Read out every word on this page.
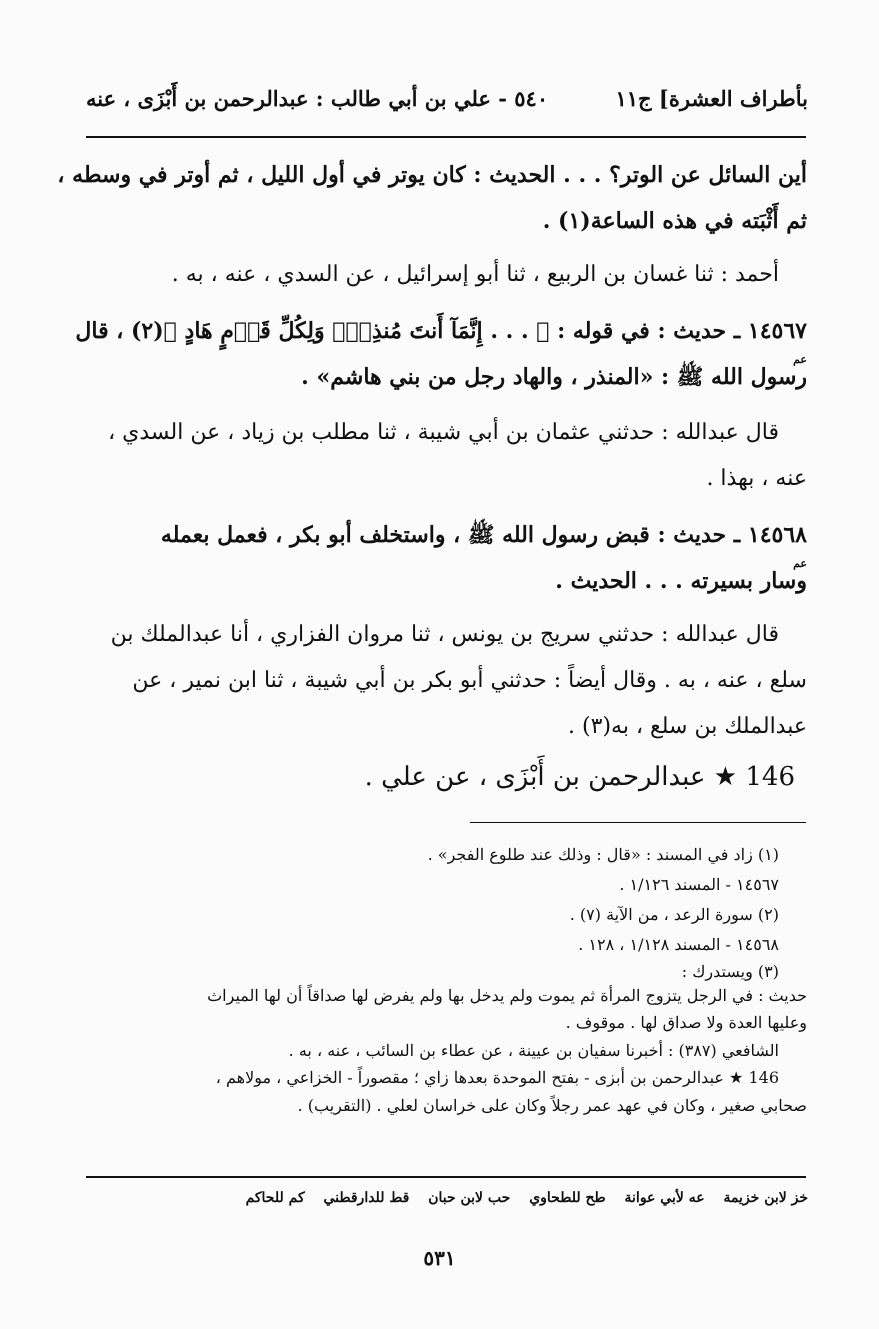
بأطراف العشرة] ج١١
٥٤٠ - علي بن أبي طالب : عبدالرحمن بن أَبْزَى ، عنه
أين السائل عن الوتر؟ . . . الحديث : كان يوتر في أول الليل ، ثم أوتر في وسطه ،
ثم أَثْبَته في هذه الساعة(١) .
أحمد : ثنا غسان بن الربيع ، ثنا أبو إسرائيل ، عن السدي ، عنه ، به .
١٤٥٦٧ ـ حديث : في قوله : ﴿ . . . إِنَّمَآ أَنتَ مُنذِرٌۖ وَلِكُلِّ قَوۡمٍ هَادٍ ﴾(٢) ، قال
عم
رسول الله ﷺ : «المنذر ، والهاد رجل من بني هاشم» .
قال عبدالله : حدثني عثمان بن أبي شيبة ، ثنا مطلب بن زياد ، عن السدي ،
عنه ، بهذا .
١٤٥٦٨ ـ حديث : قبض رسول الله ﷺ ، واستخلف أبو بكر ، فعمل بعمله
عم
وسار بسيرته . . . الحديث .
قال عبدالله : حدثني سريج بن يونس ، ثنا مروان الفزاري ، أنا عبدالملك بن
سلع ، عنه ، به . وقال أيضاً : حدثني أبو بكر بن أبي شيبة ، ثنا ابن نمير ، عن
عبدالملك بن سلع ، به(٣) .
146 ★ عبدالرحمن بن أَبْزَى ، عن علي .
(١) زاد في المسند : «قال : وذلك عند طلوع الفجر» .
١٤٥٦٧ - المسند ١/١٢٦ .
(٢) سورة الرعد ، من الآية (٧) .
١٤٥٦٨ - المسند ١/١٢٨ ، ١٢٨ .
(٣) ويستدرك :
حديث : في الرجل يتزوج المرأة ثم يموت ولم يدخل بها ولم يفرض لها صداقاً أن لها الميراث
وعليها العدة ولا صداق لها . موقوف .
الشافعي (٣٨٧) : أخبرنا سفيان بن عيينة ، عن عطاء بن السائب ، عنه ، به .
146 ★ عبدالرحمن بن أبزى - بفتح الموحدة بعدها زاي ؛ مقصوراً - الخزاعي ، مولاهم ،
صحابي صغير ، وكان في عهد عمر رجلاً وكان على خراسان لعلي . (التقريب) .
خز لابن خزيمة عه لأبي عوانة طح للطحاوي حب لابن حبان قط للدارقطني كم للحاكم
٥٣١
